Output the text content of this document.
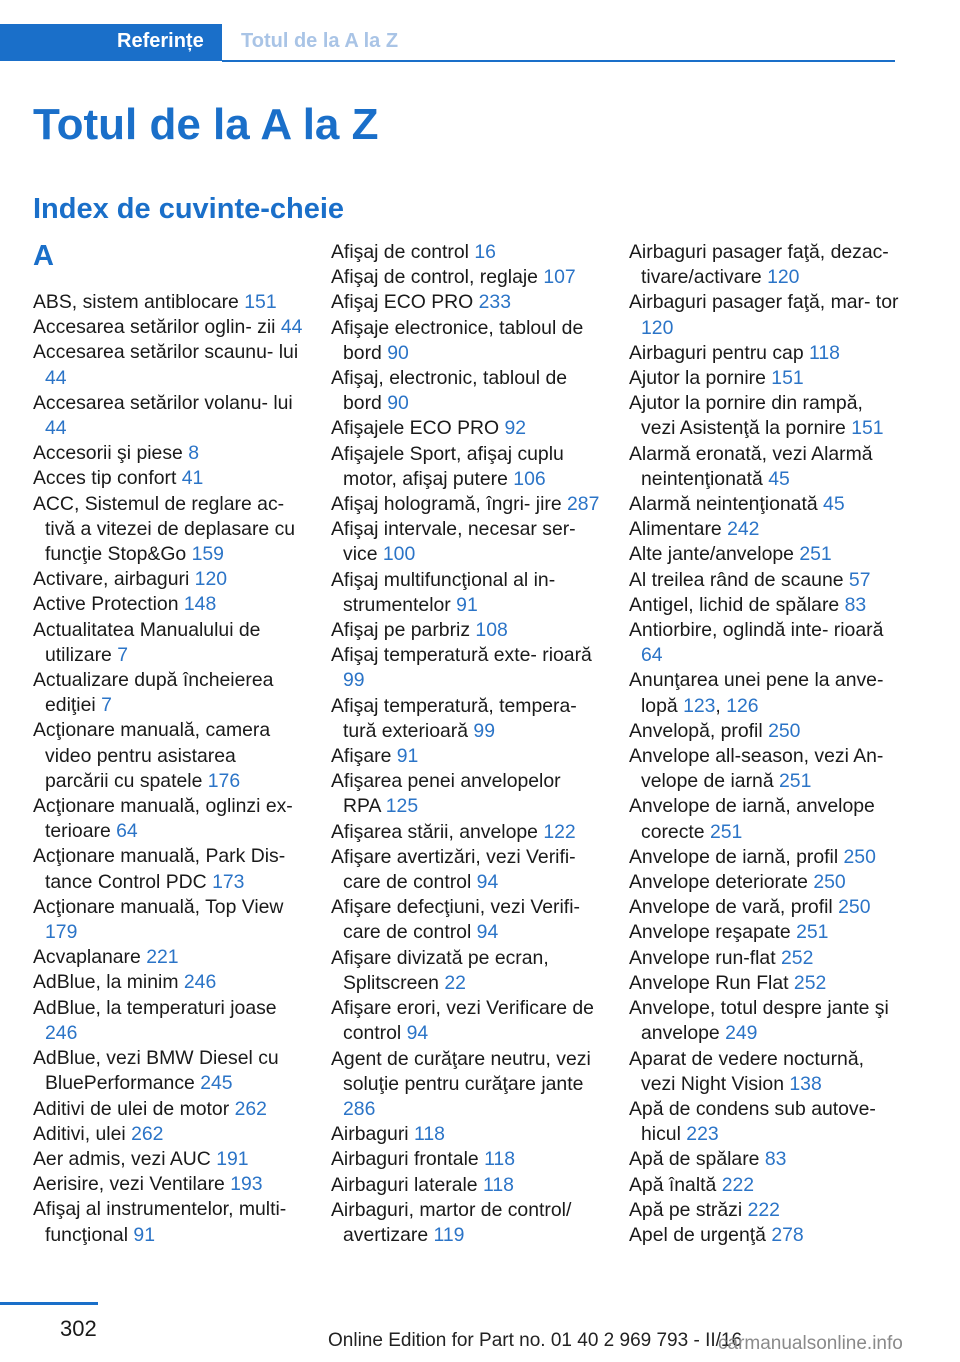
Referințe Totul de la A la Z
Totul de la A la Z
Index de cuvinte-cheie
A
ABS, sistem antiblocare 151
Accesarea setărilor oglin‐ zii 44
Accesarea setărilor scaunu‐ lui 44
Accesarea setărilor volanu‐ lui 44
Accesorii şi piese 8
Acces tip confort 41
ACC, Sistemul de reglare ac‐ tivă a vitezei de deplasare cu funcţie Stop&Go 159
Activare, airbaguri 120
Active Protection 148
Actualitatea Manualului de utilizare 7
Actualizare după încheierea ediţiei 7
Acţionare manuală, camera video pentru asistarea parcării cu spatele 176
Acţionare manuală, oglinzi ex‐ terioare 64
Acţionare manuală, Park Dis‐ tance Control PDC 173
Acţionare manuală, Top View 179
Acvaplanare 221
AdBlue, la minim 246
AdBlue, la temperaturi joase 246
AdBlue, vezi BMW Diesel cu BluePerformance 245
Aditivi de ulei de motor 262
Aditivi, ulei 262
Aer admis, vezi AUC 191
Aerisire, vezi Ventilare 193
Afişaj al instrumentelor, multi‐ funcţional 91
Afişaj de control 16
Afişaj de control, reglaje 107
Afişaj ECO PRO 233
Afişaje electronice, tabloul de bord 90
Afişaj, electronic, tabloul de bord 90
Afişajele ECO PRO 92
Afişajele Sport, afişaj cuplu motor, afişaj putere 106
Afişaj hologramă, îngri‐ jire 287
Afişaj intervale, necesar ser‐ vice 100
Afişaj multifuncţional al in‐ strumentelor 91
Afişaj pe parbriz 108
Afişaj temperatură exte‐ rioară 99
Afişaj temperatură, tempera‐ tură exterioară 99
Afişare 91
Afişarea penei anvelopelor RPA 125
Afişarea stării, anvelope 122
Afişare avertizări, vezi Verifi‐ care de control 94
Afişare defecţiuni, vezi Verifi‐ care de control 94
Afişare divizată pe ecran, Splitscreen 22
Afişare erori, vezi Verificare de control 94
Agent de curăţare neutru, vezi soluţie pentru curăţare jante 286
Airbaguri 118
Airbaguri frontale 118
Airbaguri laterale 118
Airbaguri, martor de control/ avertizare 119
Airbaguri pasager faţă, dezac‐ tivare/activare 120
Airbaguri pasager faţă, mar‐ tor 120
Airbaguri pentru cap 118
Ajutor la pornire 151
Ajutor la pornire din rampă, vezi Asistenţă la pornire 151
Alarmă eronată, vezi Alarmă neintenţionată 45
Alarmă neintenţionată 45
Alimentare 242
Alte jante/anvelope 251
Al treilea rând de scaune 57
Antigel, lichid de spălare 83
Antiorbire, oglindă inte‐ rioară 64
Anunţarea unei pene la anve‐ lopă 123, 126
Anvelopă, profil 250
Anvelope all-season, vezi An‐ velope de iarnă 251
Anvelope de iarnă, anvelope corecte 251
Anvelope de iarnă, profil 250
Anvelope deteriorate 250
Anvelope de vară, profil 250
Anvelope reşapate 251
Anvelope run-flat 252
Anvelope Run Flat 252
Anvelope, totul despre jante şi anvelope 249
Aparat de vedere nocturnă, vezi Night Vision 138
Apă de condens sub autove‐ hicul 223
Apă de spălare 83
Apă înaltă 222
Apă pe străzi 222
Apel de urgenţă 278
302	Online Edition for Part no. 01 40 2 969 793 - II/16
carmanualsonline.info
